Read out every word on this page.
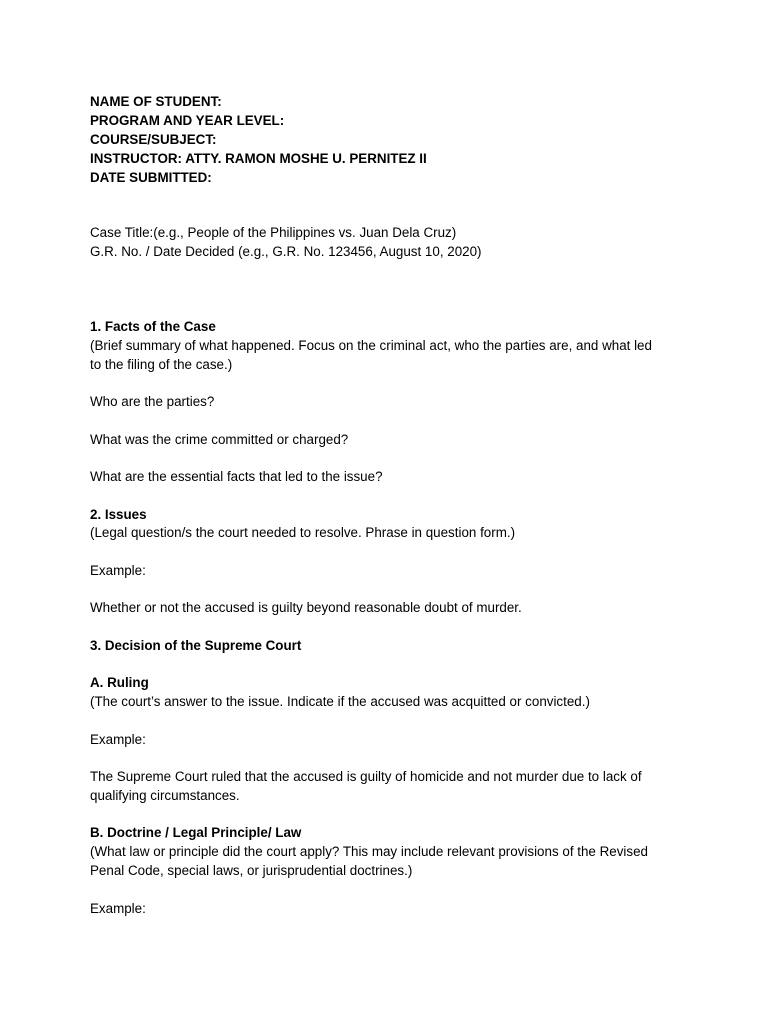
NAME OF STUDENT:
PROGRAM AND YEAR LEVEL:
COURSE/SUBJECT:
INSTRUCTOR: ATTY. RAMON MOSHE U. PERNITEZ II
DATE SUBMITTED:
Case Title:(e.g., People of the Philippines vs. Juan Dela Cruz)
G.R. No. / Date Decided (e.g., G.R. No. 123456, August 10, 2020)
1. Facts of the Case
(Brief summary of what happened. Focus on the criminal act, who the parties are, and what led
to the filing of the case.)
Who are the parties?
What was the crime committed or charged?
What are the essential facts that led to the issue?
2. Issues
(Legal question/s the court needed to resolve. Phrase in question form.)
Example:
Whether or not the accused is guilty beyond reasonable doubt of murder.
3. Decision of the Supreme Court
A. Ruling
(The court’s answer to the issue. Indicate if the accused was acquitted or convicted.)
Example:
The Supreme Court ruled that the accused is guilty of homicide and not murder due to lack of
qualifying circumstances.
B. Doctrine / Legal Principle/ Law
(What law or principle did the court apply? This may include relevant provisions of the Revised
Penal Code, special laws, or jurisprudential doctrines.)
Example:
